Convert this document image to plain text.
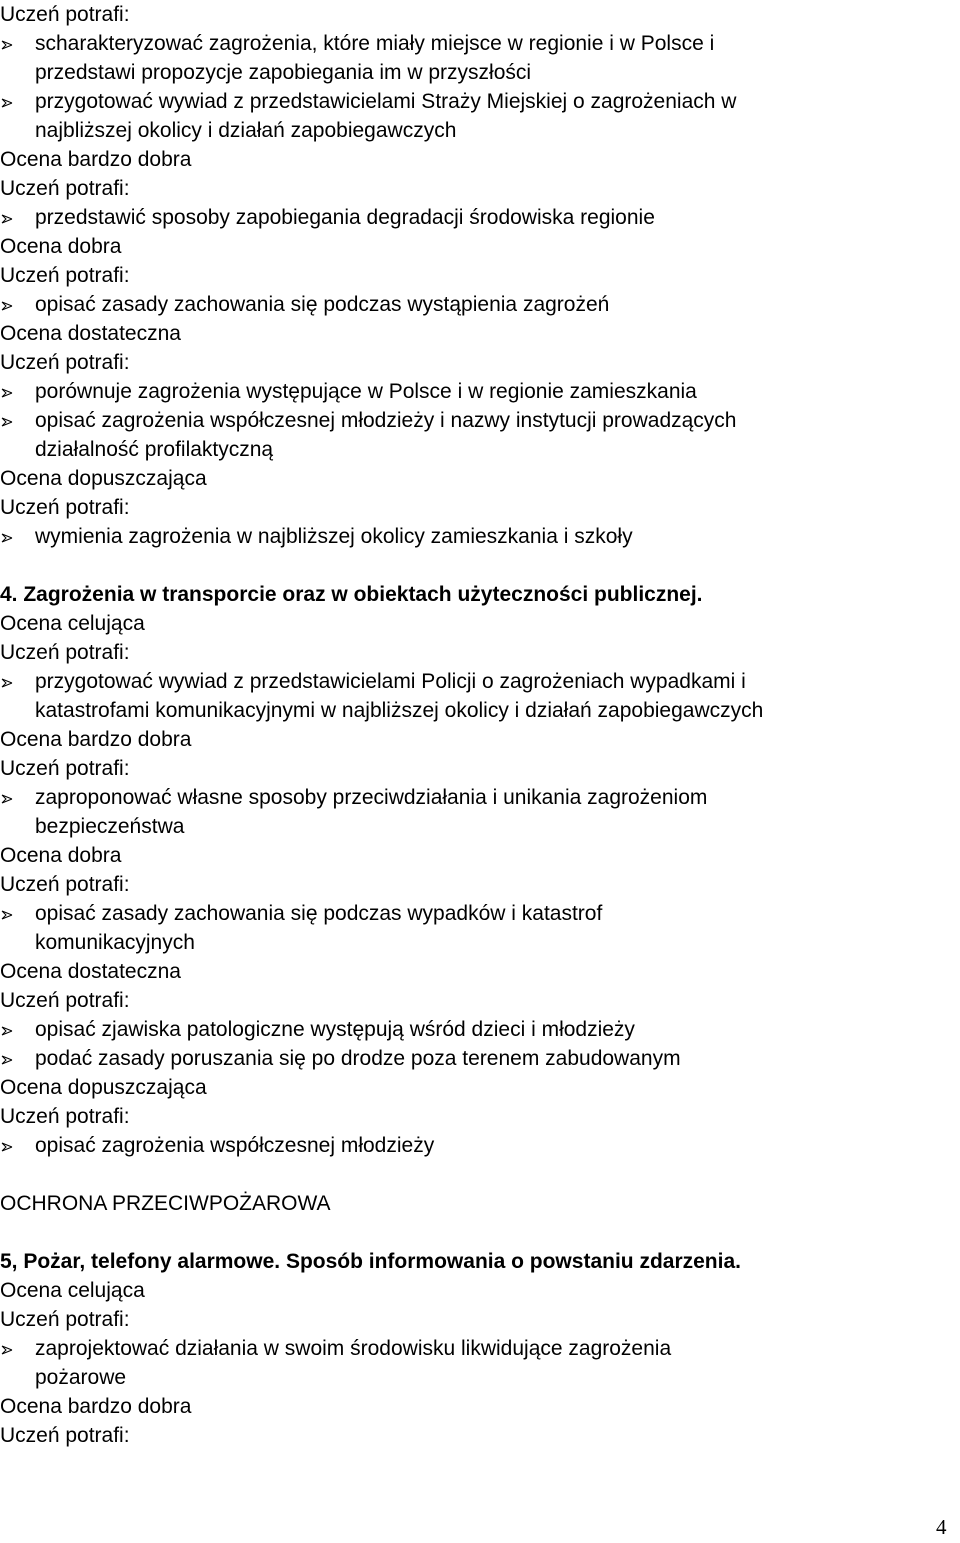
Uczeń potrafi:
scharakteryzować zagrożenia, które miały miejsce w regionie i w Polsce i
przedstawi propozycje zapobiegania im w przyszłości
przygotować wywiad z przedstawicielami Straży Miejskiej o zagrożeniach w
najbliższej okolicy i działań zapobiegawczych
Ocena bardzo dobra
Uczeń potrafi:
przedstawić sposoby zapobiegania degradacji środowiska regionie
Ocena dobra
Uczeń potrafi:
opisać zasady zachowania się podczas wystąpienia zagrożeń
Ocena dostateczna
Uczeń potrafi:
porównuje zagrożenia występujące w Polsce i w regionie zamieszkania
opisać zagrożenia współczesnej młodzieży i nazwy instytucji prowadzących
działalność profilaktyczną
Ocena dopuszczająca
Uczeń potrafi:
wymienia zagrożenia w najbliższej okolicy zamieszkania i szkoły
4. Zagrożenia w transporcie oraz w obiektach użyteczności publicznej.
Ocena celująca
Uczeń potrafi:
przygotować wywiad z przedstawicielami Policji o zagrożeniach wypadkami i
katastrofami komunikacyjnymi w najbliższej okolicy i działań zapobiegawczych
Ocena bardzo dobra
Uczeń potrafi:
zaproponować własne sposoby przeciwdziałania i unikania zagrożeniom
bezpieczeństwa
Ocena dobra
Uczeń potrafi:
opisać zasady zachowania się podczas wypadków i katastrof
komunikacyjnych
Ocena dostateczna
Uczeń potrafi:
opisać zjawiska patologiczne występują wśród dzieci i młodzieży
podać zasady poruszania się po drodze poza terenem zabudowanym
Ocena dopuszczająca
Uczeń potrafi:
opisać zagrożenia współczesnej młodzieży
OCHRONA PRZECIWPOŻAROWA
5, Pożar, telefony alarmowe. Sposób informowania o powstaniu zdarzenia.
Ocena celująca
Uczeń potrafi:
zaprojektować działania w swoim środowisku likwidujące zagrożenia
pożarowe
Ocena bardzo dobra
Uczeń potrafi:
4
